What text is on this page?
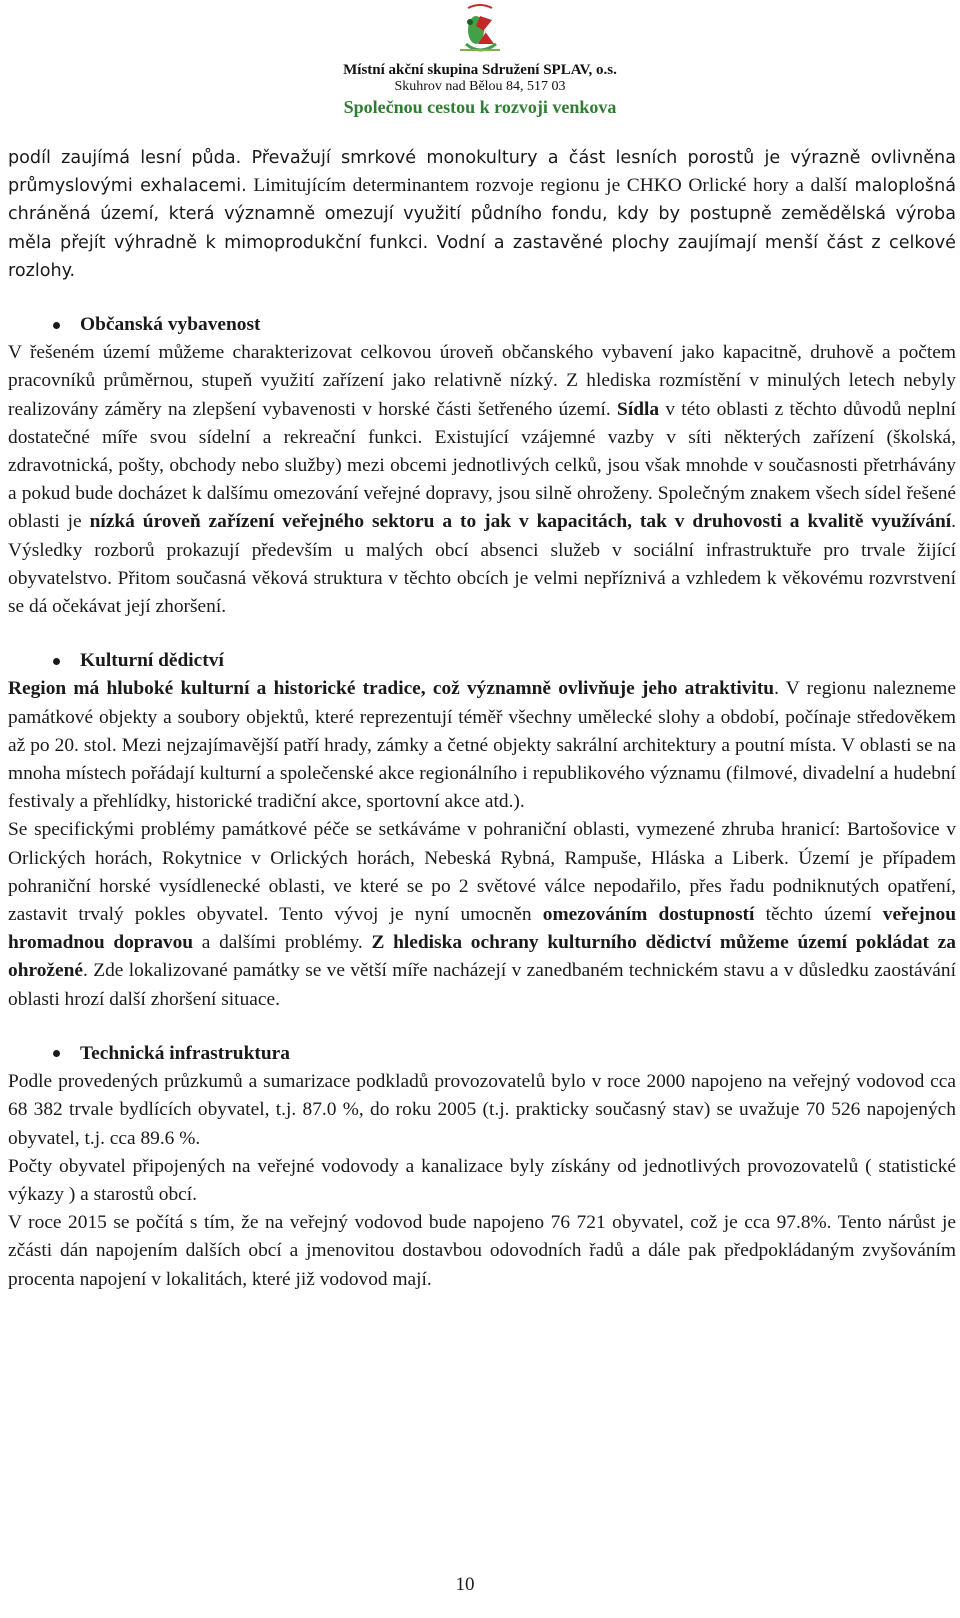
Místní akční skupina Sdružení SPLAV, o.s.
Skuhrov nad Bělou 84, 517 03
Společnou cestou k rozvoji venkova

podíl zaujímá lesní půda. Převažují smrkové monokultury a část lesních porostů je výrazně ovlivněna průmyslovými exhalacemi. Limitujícím determinantem rozvoje regionu je CHKO Orlické hory a další maloplošná chráněná území, která významně omezují využití půdního fondu, kdy by postupně zemědělská výroba měla přejít výhradně k mimoprodukční funkci. Vodní a zastavěné plochy zaujímají menší část z celkové rozlohy.

Občanská vybavenost

V řešeném území můžeme charakterizovat celkovou úroveň občanského vybavení jako kapacitně, druhově a počtem pracovníků průměrnou, stupeň využití zařízení jako relativně nízký. Z hlediska rozmístění v minulých letech nebyly realizovány záměry na zlepšení vybavenosti v horské části šetřeného území. Sídla v této oblasti z těchto důvodů neplní dostatečné míře svou sídelní a rekreační funkci. Existující vzájemné vazby v síti některých zařízení (školská, zdravotnická, pošty, obchody nebo služby) mezi obcemi jednotlivých celků, jsou však mnohde v současnosti přetrhávány a pokud bude docházet k dalšímu omezování veřejné dopravy, jsou silně ohroženy. Společným znakem všech sídel řešené oblasti je nízká úroveň zařízení veřejného sektoru a to jak v kapacitách, tak v druhovosti a kvalitě využívání. Výsledky rozborů prokazují především u malých obcí absenci služeb v sociální infrastruktuře pro trvale žijící obyvatelstvo. Přitom současná věková struktura v těchto obcích je velmi nepříznivá a vzhledem k věkovému rozvrstvení se dá očekávat její zhoršení.

Kulturní dědictví

Region má hluboké kulturní a historické tradice, což významně ovlivňuje jeho atraktivitu. V regionu nalezneme památkové objekty a soubory objektů, které reprezentují téměř všechny umělecké slohy a období, počínaje středověkem až po 20. stol. Mezi nejzajímavější patří hrady, zámky a četné objekty sakrální architektury a poutní místa. V oblasti se na mnoha místech pořádají kulturní a společenské akce regionálního i republikového významu (filmové, divadelní a hudební festivaly a přehlídky, historické tradiční akce, sportovní akce atd.).

Se specifickými problémy památkové péče se setkáváme v pohraniční oblasti, vymezené zhruba hranicí: Bartošovice v Orlických horách, Rokytnice v Orlických horách, Nebeská Rybná, Rampuše, Hláska a Liberk. Území je případem pohraniční horské vysídlenecké oblasti, ve které se po 2 světové válce nepodařilo, přes řadu podniknutých opatření, zastavit trvalý pokles obyvatel. Tento vývoj je nyní umocněn omezováním dostupností těchto území veřejnou hromadnou dopravou a dalšími problémy. Z hlediska ochrany kulturního dědictví můžeme území pokládat za ohrožené. Zde lokalizované památky se ve větší míře nacházejí v zanedbaném technickém stavu a v důsledku zaostávání oblasti hrozí další zhoršení situace.

Technická infrastruktura

Podle provedených průzkumů a sumarizace podkladů provozovatelů bylo v roce 2000 napojeno na veřejný vodovod cca 68 382 trvale bydlících obyvatel, t.j. 87.0 %, do roku 2005 (t.j. prakticky současný stav) se uvažuje 70 526 napojených obyvatel, t.j. cca 89.6 %.

Počty obyvatel připojených na veřejné vodovody a kanalizace byly získány od jednotlivých provozovatelů ( statistické výkazy ) a starostů obcí.

V roce 2015 se počítá s tím, že na veřejný vodovod bude napojeno 76 721 obyvatel, což je cca 97.8%. Tento nárůst je zčásti dán napojením dalších obcí a jmenovitou dostavbou odovodních řadů a dále pak předpokládaným zvyšováním procenta napojení v lokalitách, které již vodovod mají.

10
